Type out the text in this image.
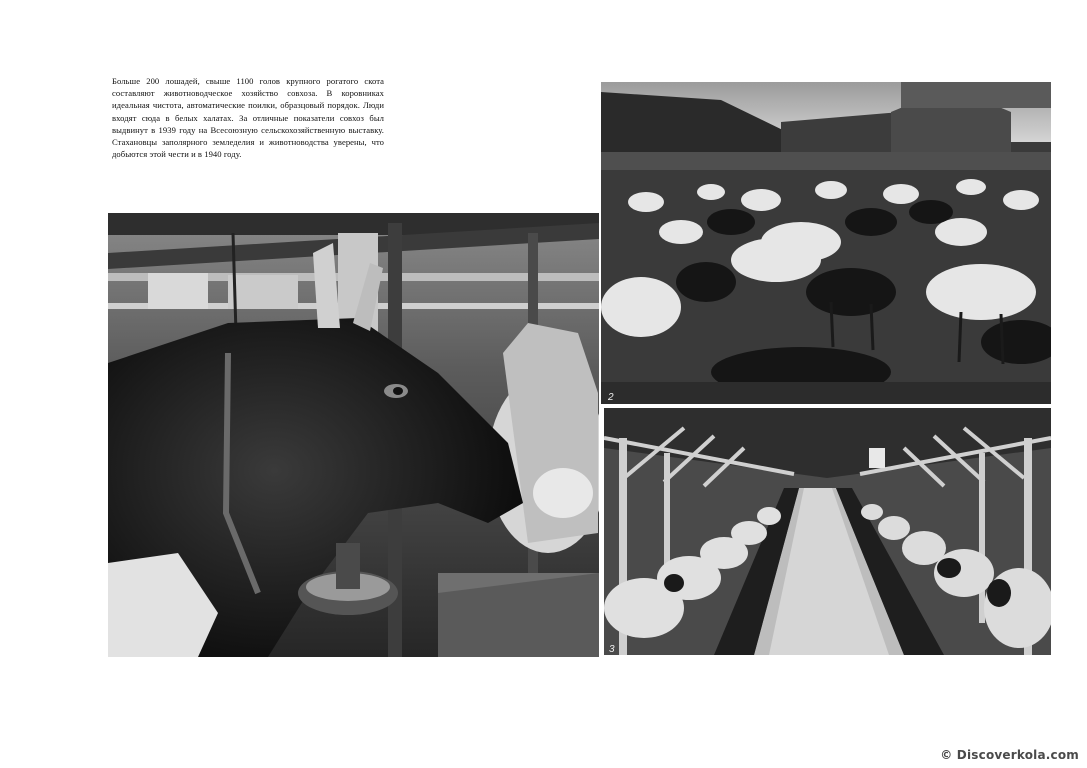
Больше 200 лошадей, свыше 1100 голов крупного рогатого скота составляют животноводческое хозяйство совхоза. В коровниках идеальная чистота, автоматические поилки, образцовый порядок. Люди входят сюда в белых халатах. За отличные показатели совхоз был выдвинут в 1939 году на Всесоюзную сельскохозяйственную выставку. Стахановцы заполярного земледелия и животноводства уверены, что добьются этой чести и в 1940 году.
2
3
© Discoverkola.com
